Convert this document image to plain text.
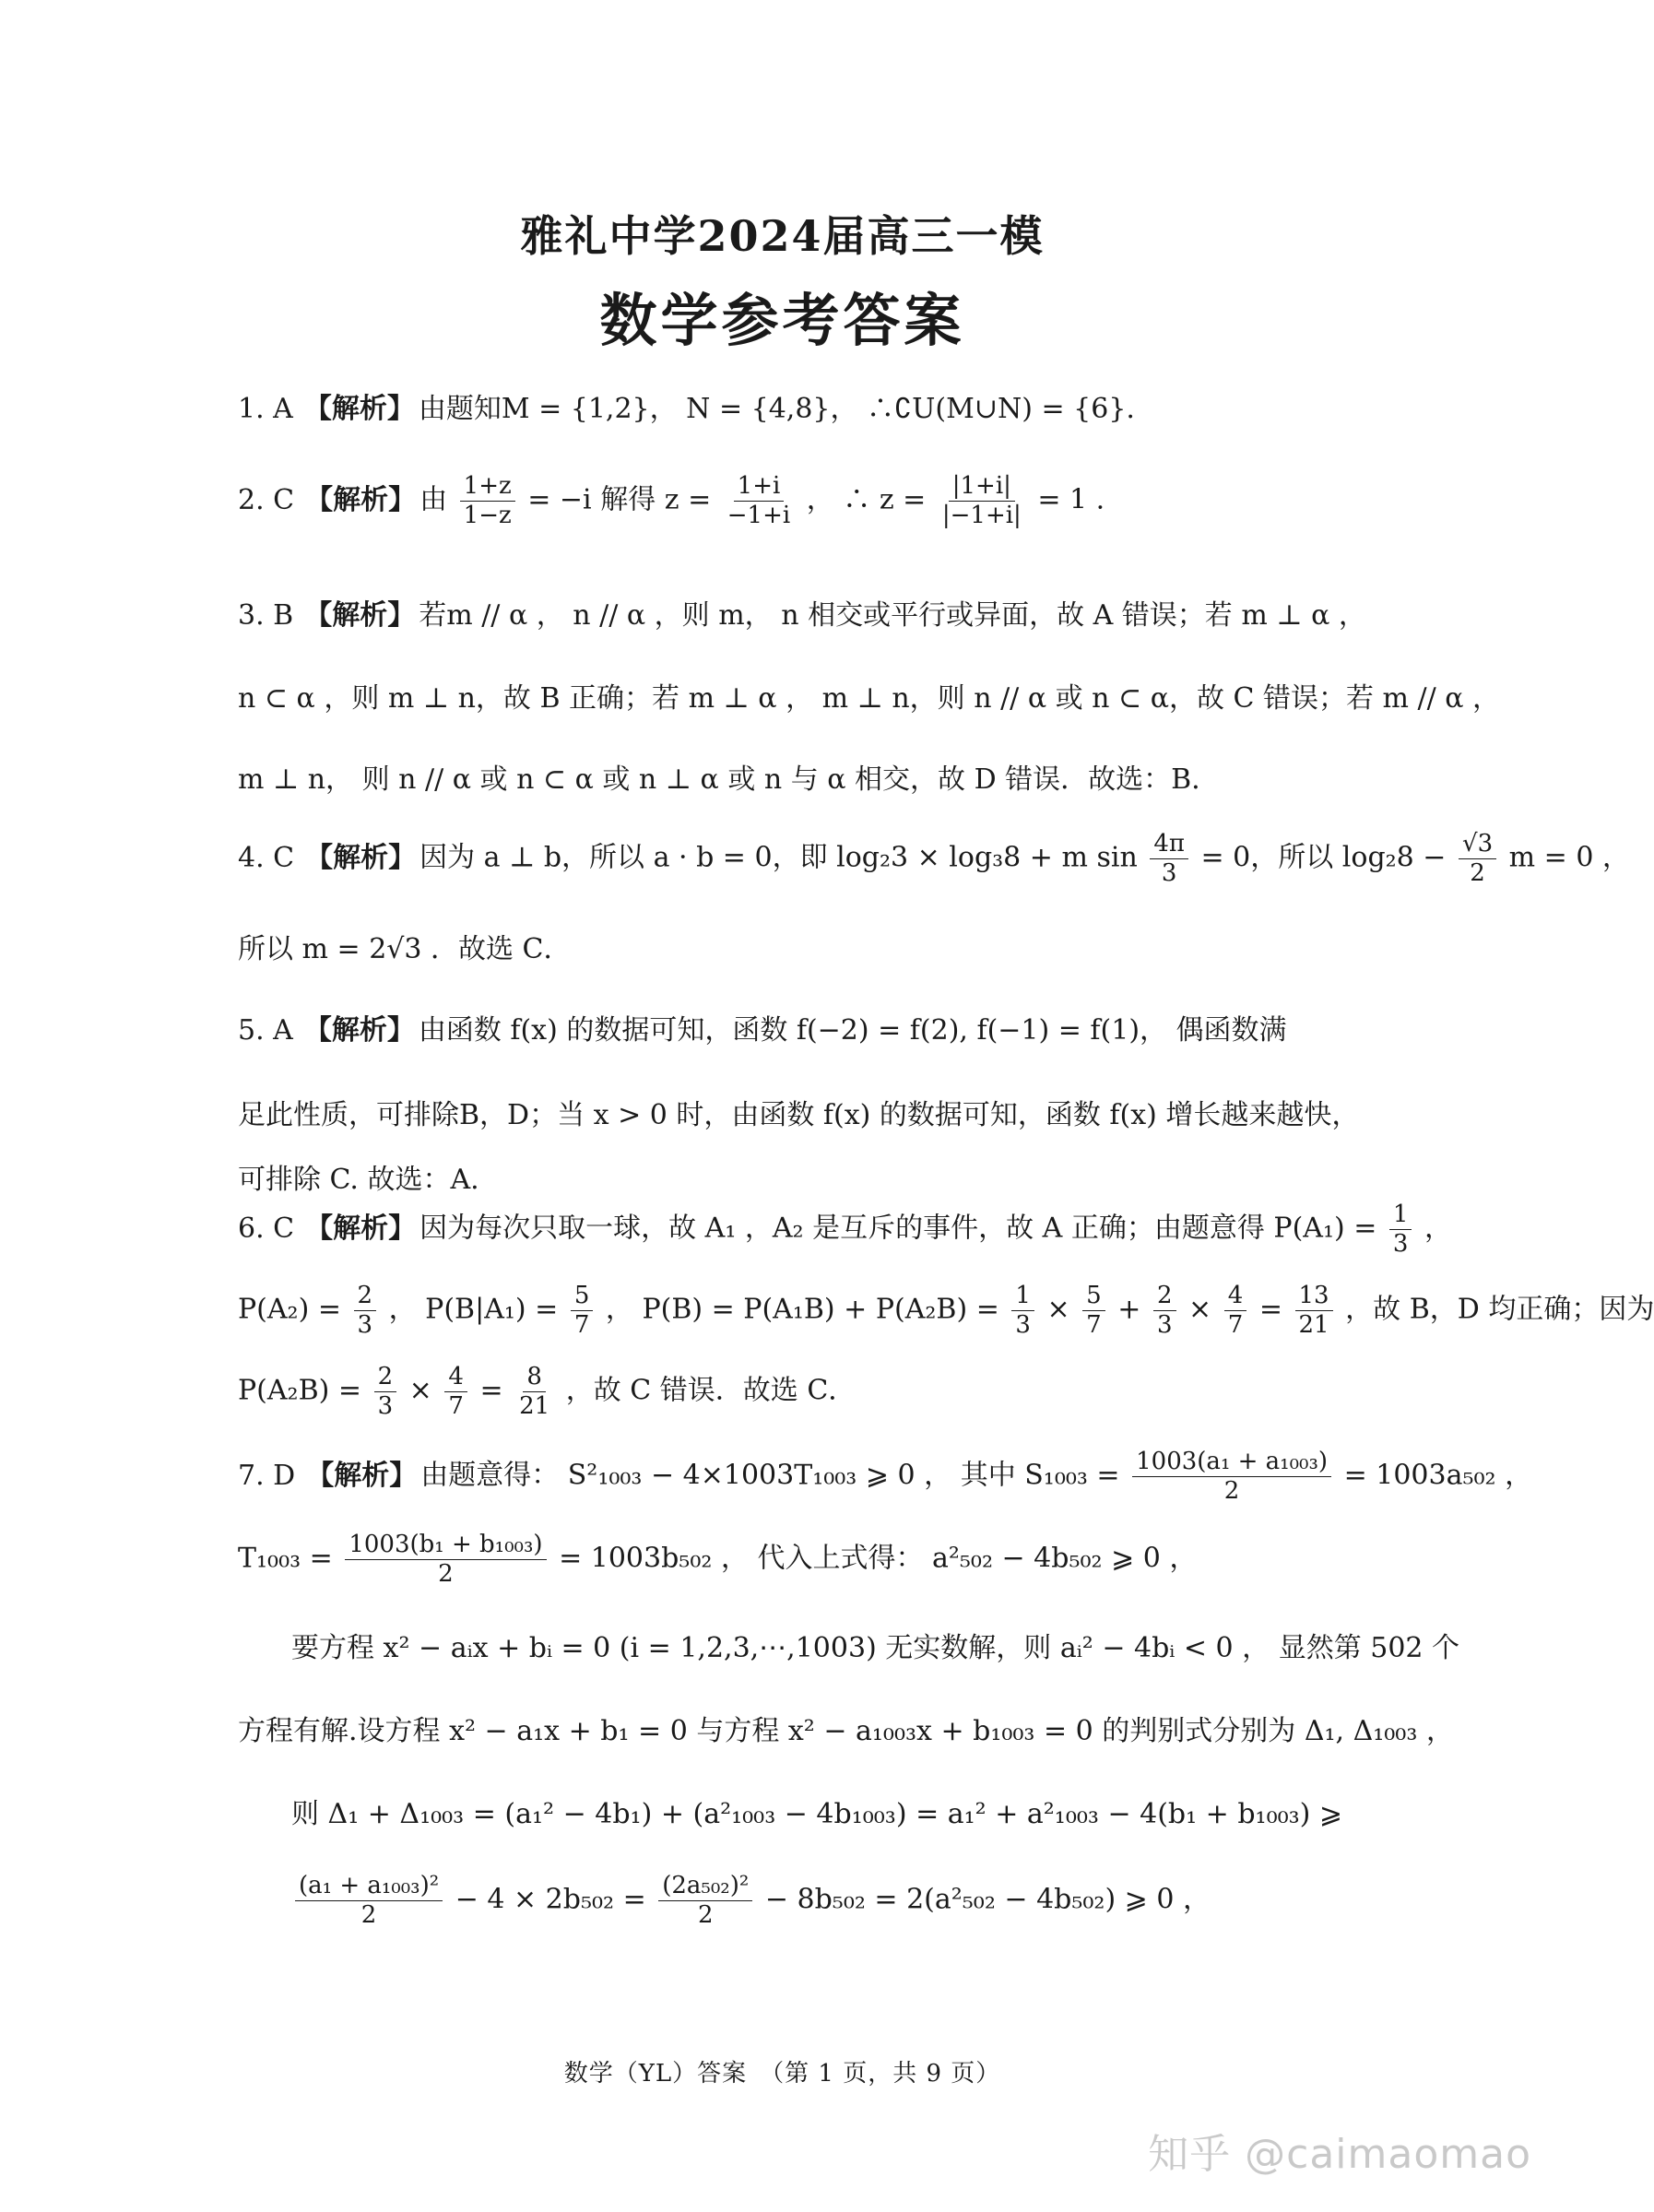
雅礼中学2024届高三一模
数学参考答案
1. A 【解析】 由题知M = {1,2}， N = {4,8}， ∴∁U(M∪N) = {6}.
2. C 【解析】 由 $\frac{1+z}{1-z} = -i$ 解得 $z = \frac{1+i}{-1+i}$ ， ∴ $z = \frac{|1+i|}{|-1+i|} = 1$ .
3. B 【解析】 若m // α ， n // α ，则 m， n 相交或平行或异面，故 A 错误；若 m ⊥ α ，
n ⊂ α ，则 m ⊥ n，故 B 正确；若 m ⊥ α ， m ⊥ n，则 n // α 或 n ⊂ α，故 C 错误；若 m // α ，
m ⊥ n， 则 n // α 或 n ⊂ α 或 n ⊥ α 或 n 与 α 相交，故 D 错误．故选：B．
4. C 【解析】 因为 a ⊥ b，所以 a · b = 0，即 log₂3 × log₃8 + m $\sin \frac{4\pi}{3} = 0$，所以 $\log_28 - \frac{√3}{2}$ m = 0 ，
所以 m = 2√3 ．故选 C．
5. A 【解析】 由函数 f(x) 的数据可知，函数 f(−2) = f(2), f(−1) = f(1)， 偶函数满
足此性质，可排除B，D；当 x > 0 时，由函数 f(x) 的数据可知，函数 f(x) 增长越来越快，
可排除 C. 故选：A.
6. C 【解析】 因为每次只取一球，故 A₁ ，A₂ 是互斥的事件，故 A 正确；由题意得 $P(A_1) = \frac{1}{3}$ ，
$P(A_2) = \frac{2}{3}$ ， $P(B|A_1) = \frac{5}{7}$ ， $P(B) = P(A_1B) + P(A_2B) = \frac{1}{3} \times \frac{5}{7} + \frac{2}{3} \times \frac{4}{7} = \frac{13}{21}$ ，故 B，D 均正确；因为
$P(A_2B) = \frac{2}{3} \times \frac{4}{7} = \frac{8}{21}$ ，故 C 错误．故选 C．
7. D 【解析】 由题意得： S²₁₀₀₃ − 4×1003T₁₀₀₃ ⩾ 0 ， 其中 $S_{1003} = \frac{\text{1003(a₁ + a₁₀₀₃)}}{2} = 1003a_{502}$ ，
$T_{1003} = \frac{\text{1003(b₁ + b₁₀₀₃)}}{2} = 1003b_{502}$ ， 代入上式得： a²₅₀₂ − 4b₅₀₂ ⩾ 0 ，
要方程 x² − aᵢx + bᵢ = 0 (i = 1,2,3,⋯,1003) 无实数解，则 aᵢ² − 4bᵢ < 0 ， 显然第 502 个
方程有解.设方程 x² − a₁x + b₁ = 0 与方程 x² − a₁₀₀₃x + b₁₀₀₃ = 0 的判别式分别为 Δ₁, Δ₁₀₀₃ ，
则 Δ₁ + Δ₁₀₀₃ = (a₁² − 4b₁) + (a²₁₀₀₃ − 4b₁₀₀₃) = a₁² + a²₁₀₀₃ − 4(b₁ + b₁₀₀₃) ⩾
$\frac{\text{(a₁ + a₁₀₀₃)²}}{2} - 4 \times 2b_{502} = \frac{\text{(2a₅₀₂)²}}{2} - 8b_{502} = 2(a^2_{502} - 4b_{502})$ ⩾ 0 ，
数学（YL）答案　（第 1 页，共 9 页）
知乎 @caimaomao
